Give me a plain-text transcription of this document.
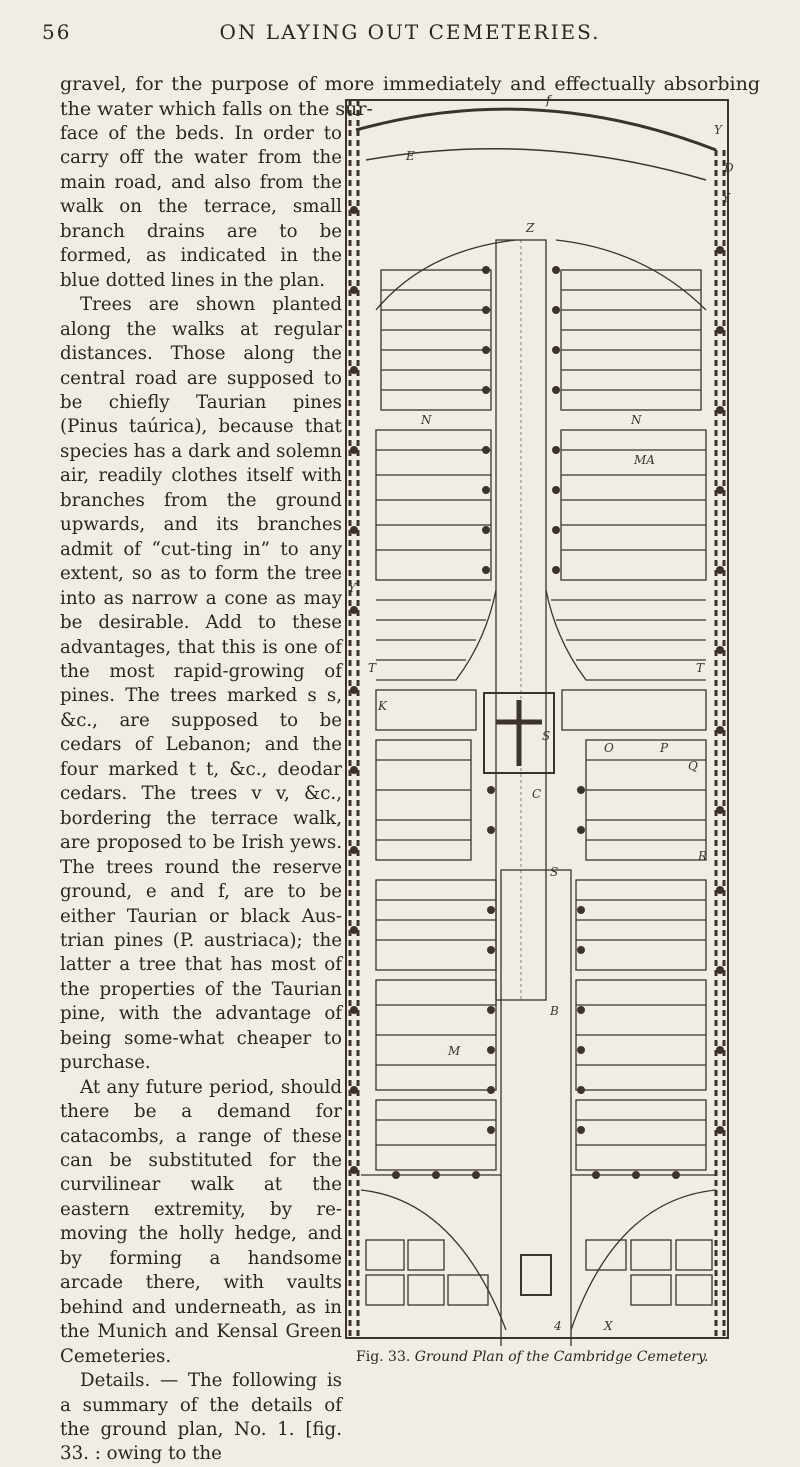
56	ON LAYING OUT CEMETERIES.
gravel, for the purpose of more immediately and effectually absorbing the water which falls on the sur-

face of the beds. In order to carry off the water from the main road, and also from the walk on the terrace, small branch drains are to be formed, as indicated in the blue dotted lines in the plan.

Trees are shown planted along the walks at regular distances. Those along the central road are supposed to be chiefly Taurian pines (Pinus taúrica), because that species has a dark and solemn air, readily clothes itself with branches from the ground upwards, and its branches admit of “cut-ting in” to any extent, so as to form the tree into as narrow a cone as may be desirable. Add to these advantages, that this is one of the most rapid-growing of pines. The trees marked s s, &c., are supposed to be cedars of Lebanon; and the four marked t t, &c., deodar cedars. The trees v v, &c., bordering the terrace walk, are proposed to be Irish yews. The trees round the reserve ground, e and f, are to be either Taurian or black Aus-trian pines (P. austriaca); the latter a tree that has most of the properties of the Taurian pine, with the advantage of being some-what cheaper to purchase.

At any future period, should there be a demand for catacombs, a range of these can be substituted for the curvilinear walk at the eastern extremity, by re-moving the holly hedge, and by forming a handsome arcade there, with vaults behind and underneath, as in the Munich and Kensal Green Cemeteries.

Details. — The following is a summary of the details of the ground plan, No. 1. [fig. 33. : owing to the

f
E
Y
D
Y
Z
N	N
MA
T	T
K
C
S
S
O	P
Q
R
M
B
4	X
Y
Fig. 33. Ground Plan of the Cambridge Cemetery.
